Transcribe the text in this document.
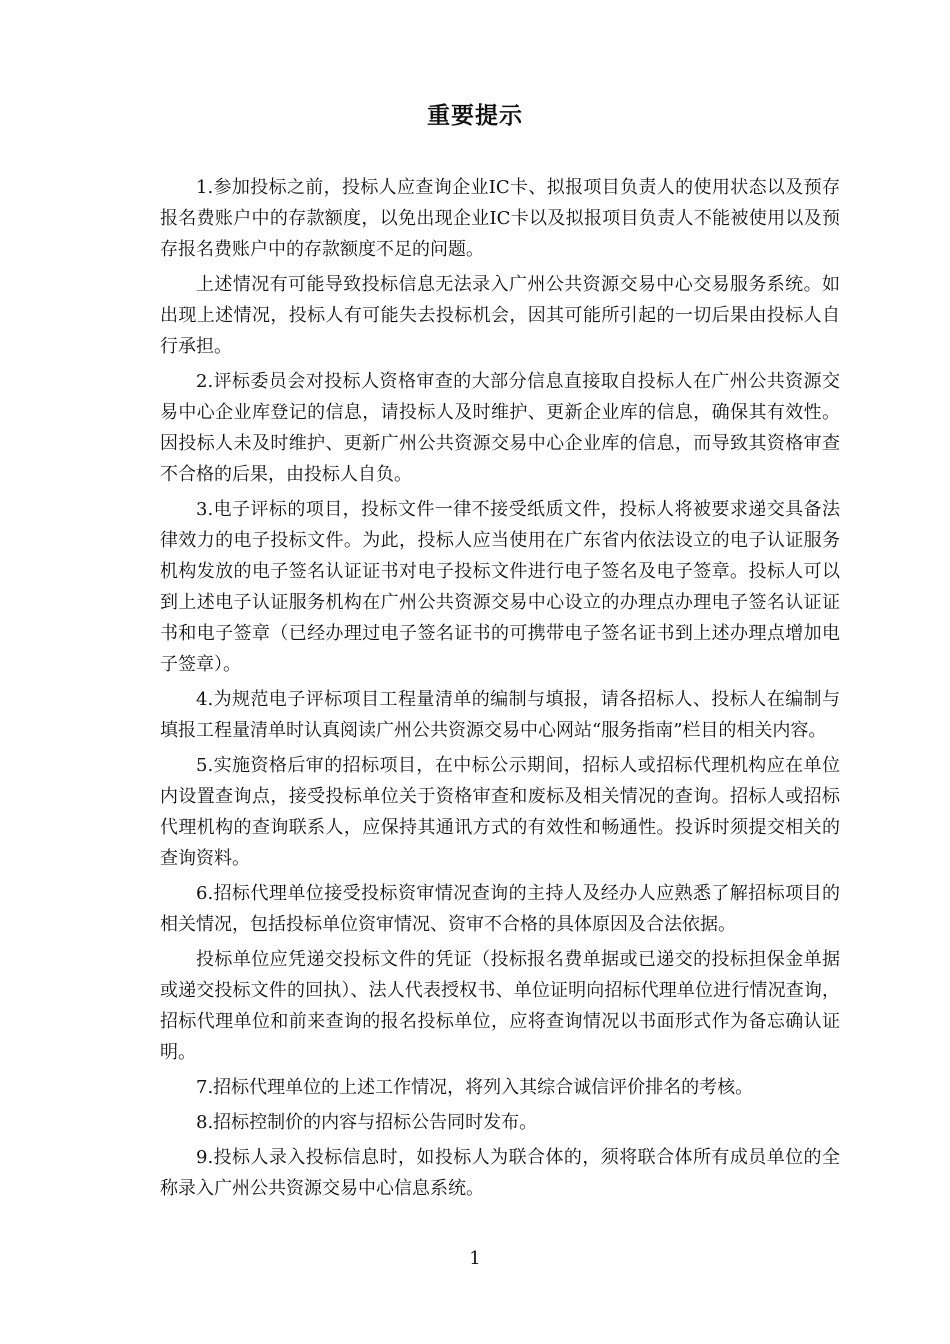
重要提示

1.参加投标之前，投标人应查询企业IC卡、拟报项目负责人的使用状态以及预存报名费账户中的存款额度，以免出现企业IC卡以及拟报项目负责人不能被使用以及预存报名费账户中的存款额度不足的问题。

上述情况有可能导致投标信息无法录入广州公共资源交易中心交易服务系统。如出现上述情况，投标人有可能失去投标机会，因其可能所引起的一切后果由投标人自行承担。

2.评标委员会对投标人资格审查的大部分信息直接取自投标人在广州公共资源交易中心企业库登记的信息，请投标人及时维护、更新企业库的信息，确保其有效性。因投标人未及时维护、更新广州公共资源交易中心企业库的信息，而导致其资格审查不合格的后果，由投标人自负。

3.电子评标的项目，投标文件一律不接受纸质文件，投标人将被要求递交具备法律效力的电子投标文件。为此，投标人应当使用在广东省内依法设立的电子认证服务机构发放的电子签名认证证书对电子投标文件进行电子签名及电子签章。投标人可以到上述电子认证服务机构在广州公共资源交易中心设立的办理点办理电子签名认证证书和电子签章（已经办理过电子签名证书的可携带电子签名证书到上述办理点增加电子签章）。

4.为规范电子评标项目工程量清单的编制与填报，请各招标人、投标人在编制与填报工程量清单时认真阅读广州公共资源交易中心网站“服务指南”栏目的相关内容。

5.实施资格后审的招标项目，在中标公示期间，招标人或招标代理机构应在单位内设置查询点，接受投标单位关于资格审查和废标及相关情况的查询。招标人或招标代理机构的查询联系人，应保持其通讯方式的有效性和畅通性。投诉时须提交相关的查询资料。

6.招标代理单位接受投标资审情况查询的主持人及经办人应熟悉了解招标项目的相关情况，包括投标单位资审情况、资审不合格的具体原因及合法依据。

投标单位应凭递交投标文件的凭证（投标报名费单据或已递交的投标担保金单据或递交投标文件的回执）、法人代表授权书、单位证明向招标代理单位进行情况查询，招标代理单位和前来查询的报名投标单位，应将查询情况以书面形式作为备忘确认证明。

7.招标代理单位的上述工作情况，将列入其综合诚信评价排名的考核。

8.招标控制价的内容与招标公告同时发布。

9.投标人录入投标信息时，如投标人为联合体的，须将联合体所有成员单位的全称录入广州公共资源交易中心信息系统。

1
